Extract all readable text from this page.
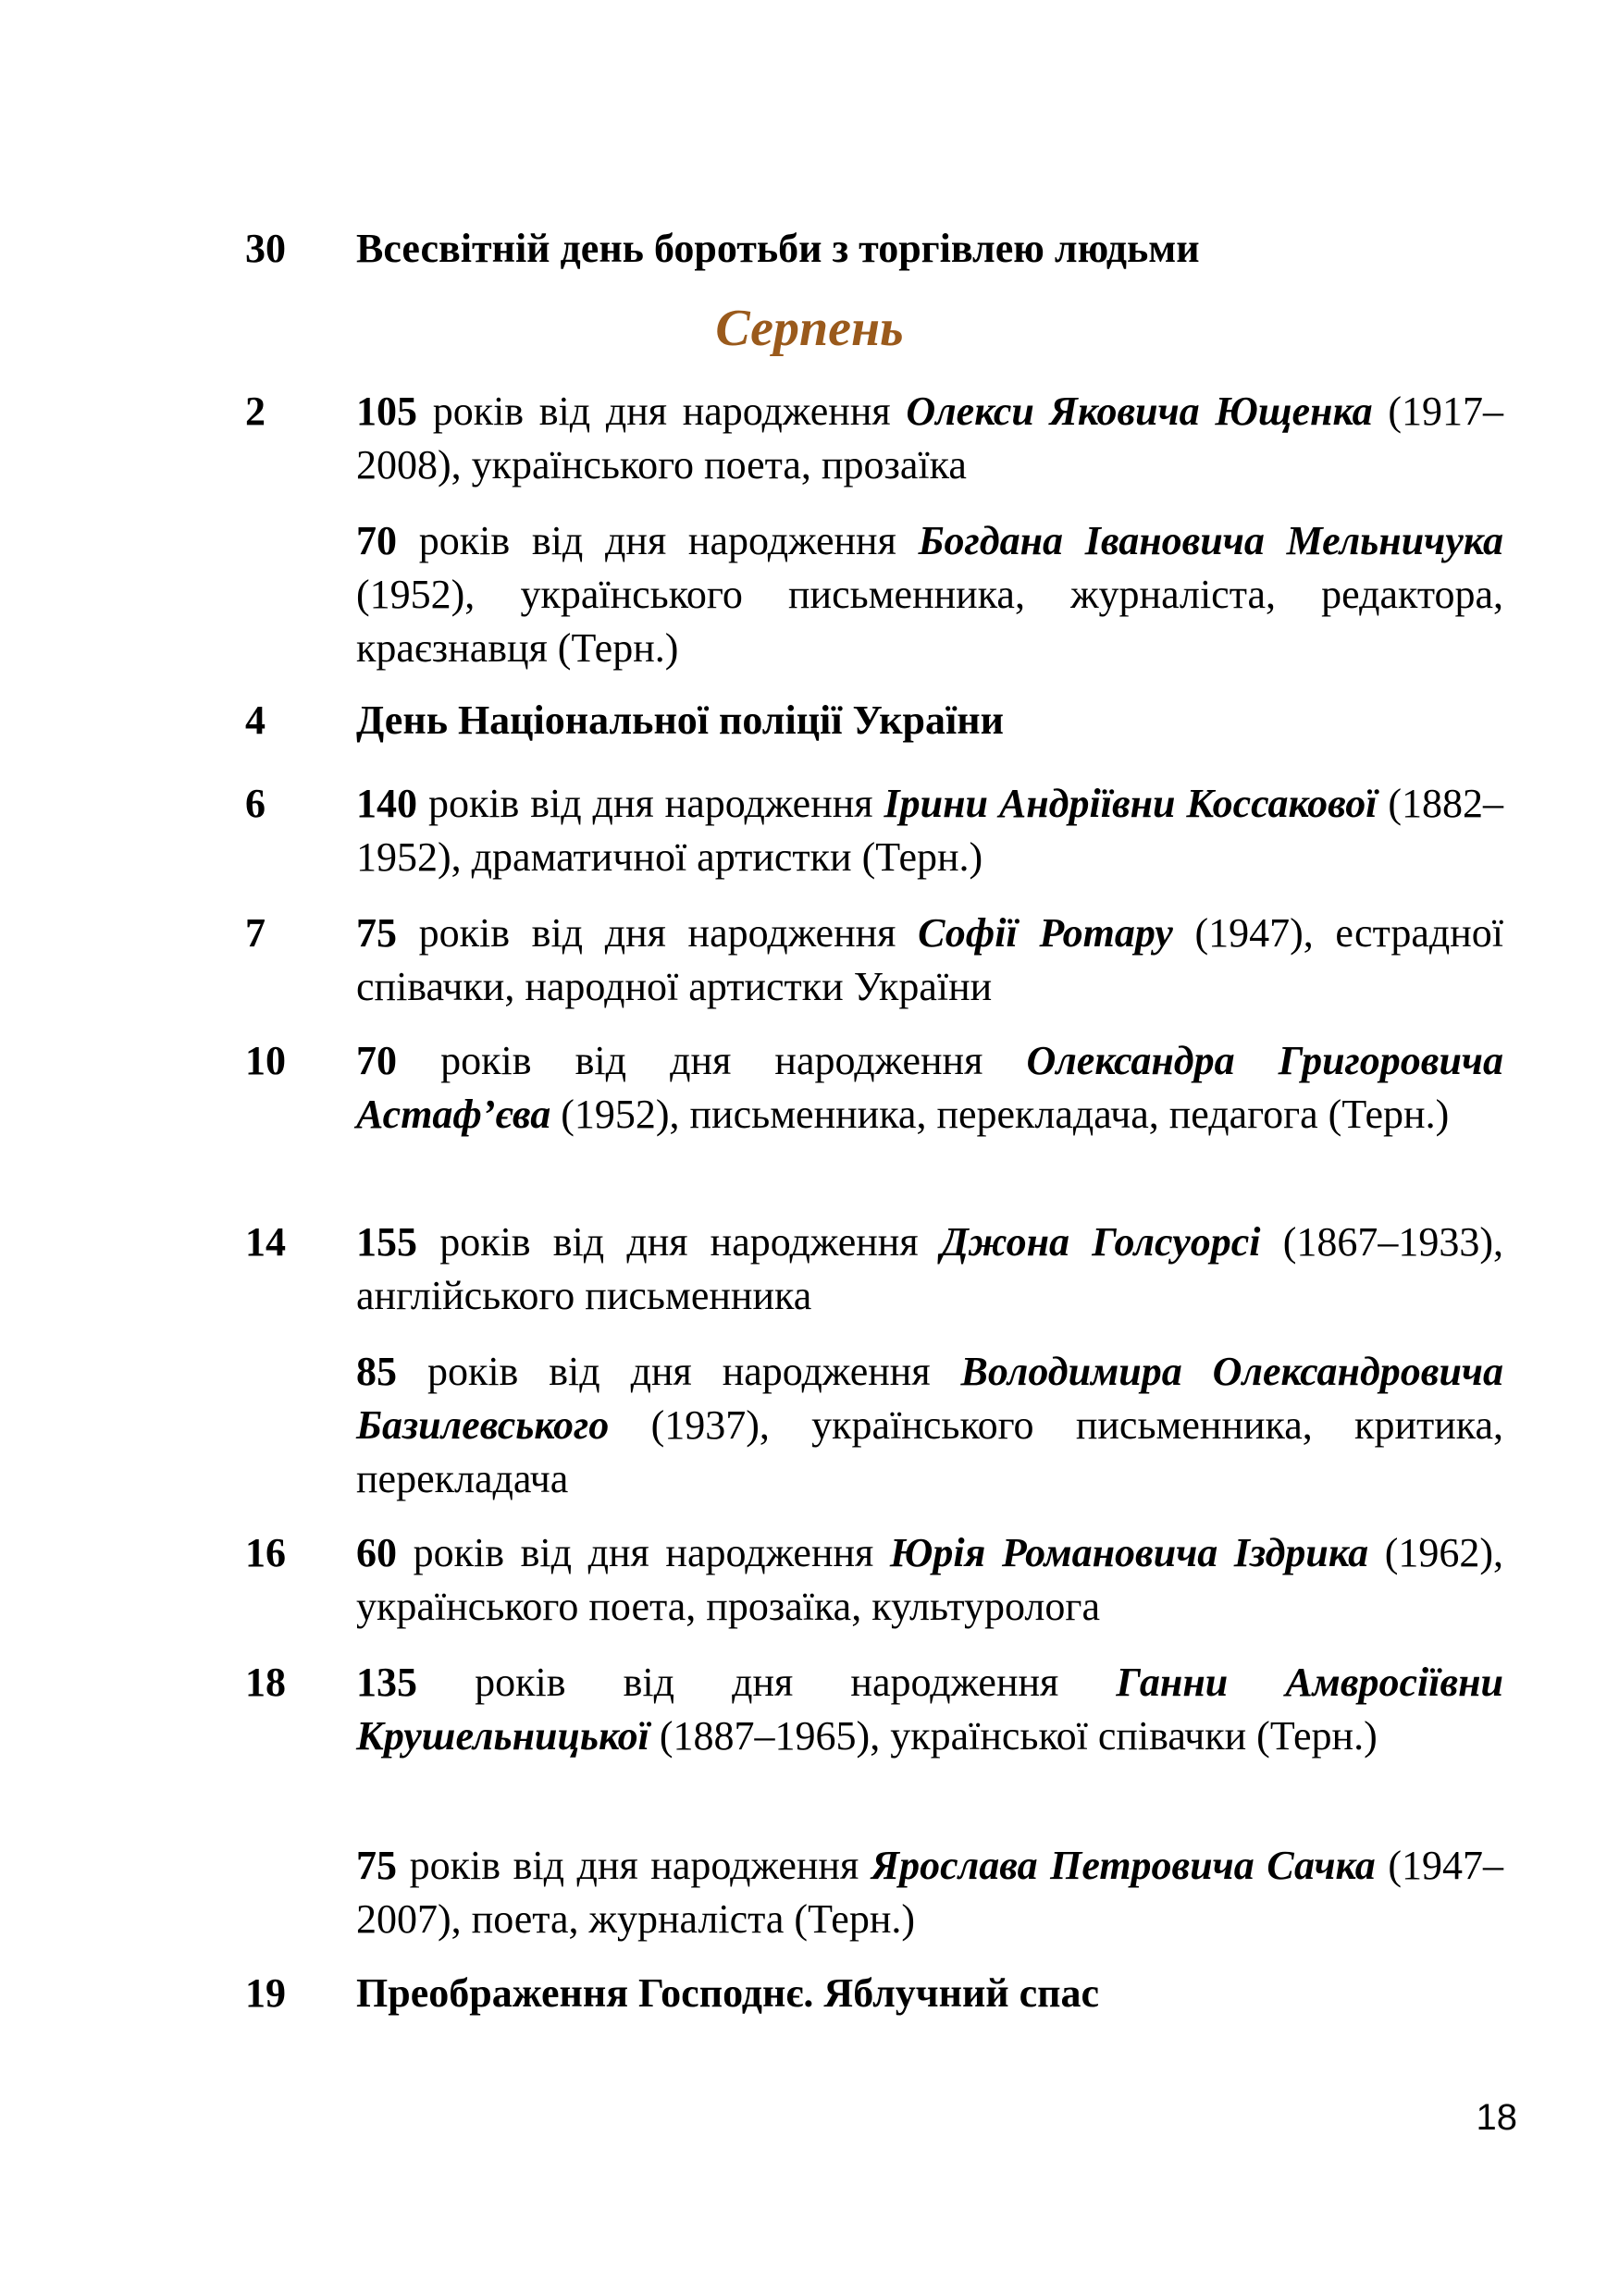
30	Всесвітній день боротьби з торгівлею людьми
Серпень
2	105 років від дня народження Олекси Яковича Ющенка (1917–2008), українського поета, прозаїка
70 років від дня народження Богдана Івановича Мельничука (1952), українського письменника, журналіста, редактора, краєзнавця (Терн.)
4	День Національної поліції України
6	140 років від дня народження Ірини Андріївни Коссакової (1882–1952), драматичної артистки (Терн.)
7	75 років від дня народження Софії Ротару (1947), естрадної співачки, народної артистки України
10	70 років від дня народження Олександра Григоровича Астаф’єва (1952), письменника, перекладача, педагога (Терн.)
14	155 років від дня народження Джона Голсуорсі (1867–1933), англійського письменника
85 років від дня народження Володимира Олександровича Базилевського (1937), українського письменника, критика, перекладача
16	60 років від дня народження Юрія Романовича Іздрика (1962), українського поета, прозаїка, культуролога
18	135 років від дня народження Ганни Амвросіївни Крушельницької (1887–1965), української співачки (Терн.)
75 років від дня народження Ярослава Петровича Сачка (1947–2007), поета, журналіста (Терн.)
19	Преображення Господнє. Яблучний спас
18
